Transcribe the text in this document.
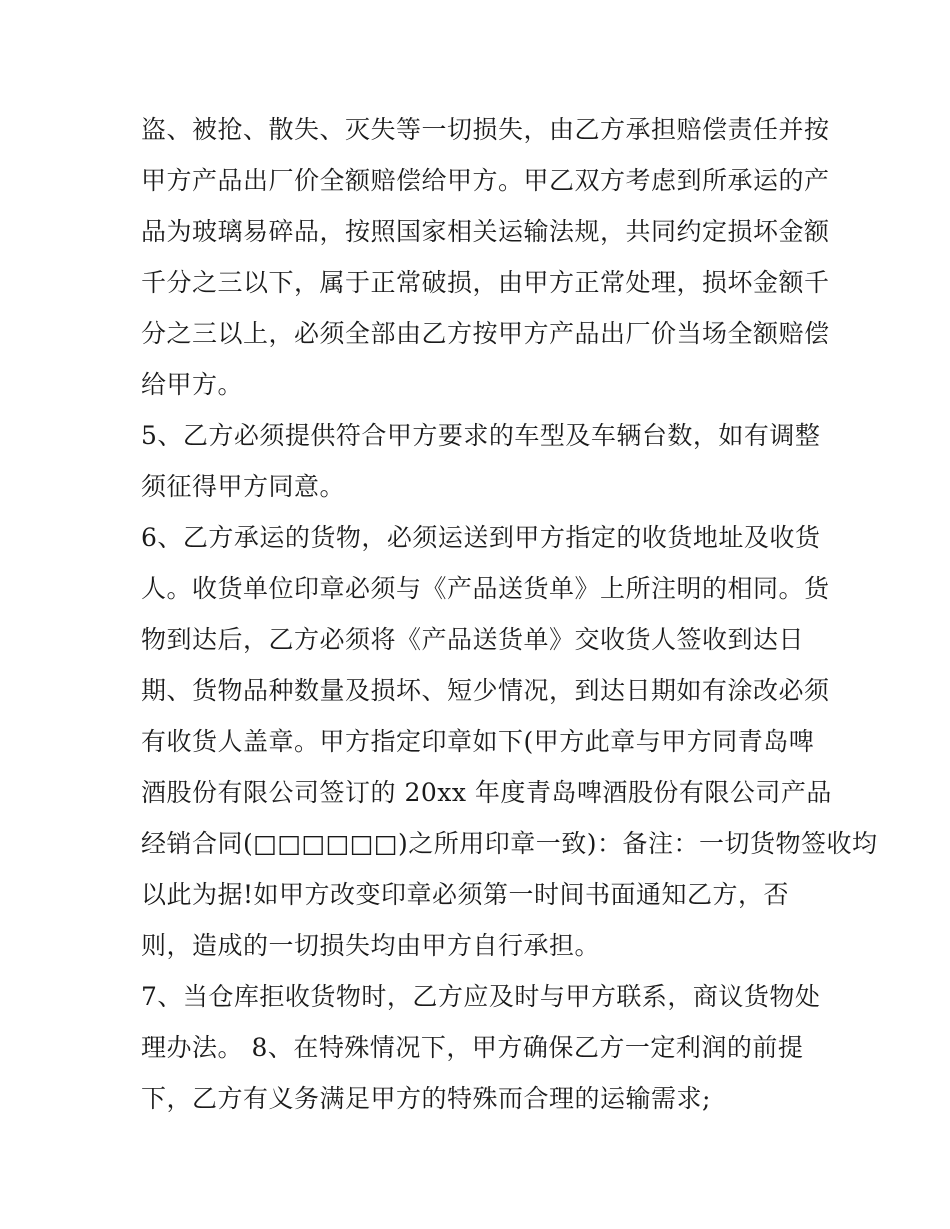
盗、被抢、散失、灭失等一切损失，由乙方承担赔偿责任并按
甲方产品出厂价全额赔偿给甲方。甲乙双方考虑到所承运的产
品为玻璃易碎品，按照国家相关运输法规，共同约定损坏金额
千分之三以下，属于正常破损，由甲方正常处理，损坏金额千
分之三以上，必须全部由乙方按甲方产品出厂价当场全额赔偿
给甲方。
5、乙方必须提供符合甲方要求的车型及车辆台数，如有调整
须征得甲方同意。
6、乙方承运的货物，必须运送到甲方指定的收货地址及收货
人。收货单位印章必须与《产品送货单》上所注明的相同。货
物到达后，乙方必须将《产品送货单》交收货人签收到达日
期、货物品种数量及损坏、短少情况，到达日期如有涂改必须
有收货人盖章。甲方指定印章如下(甲方此章与甲方同青岛啤
酒股份有限公司签订的 20xx 年度青岛啤酒股份有限公司产品
经销合同(□□□□□□)之所用印章一致)：备注：一切货物签收均
以此为据!如甲方改变印章必须第一时间书面通知乙方，否
则，造成的一切损失均由甲方自行承担。
7、当仓库拒收货物时，乙方应及时与甲方联系，商议货物处
理办法。 8、在特殊情况下，甲方确保乙方一定利润的前提
下，乙方有义务满足甲方的特殊而合理的运输需求;
